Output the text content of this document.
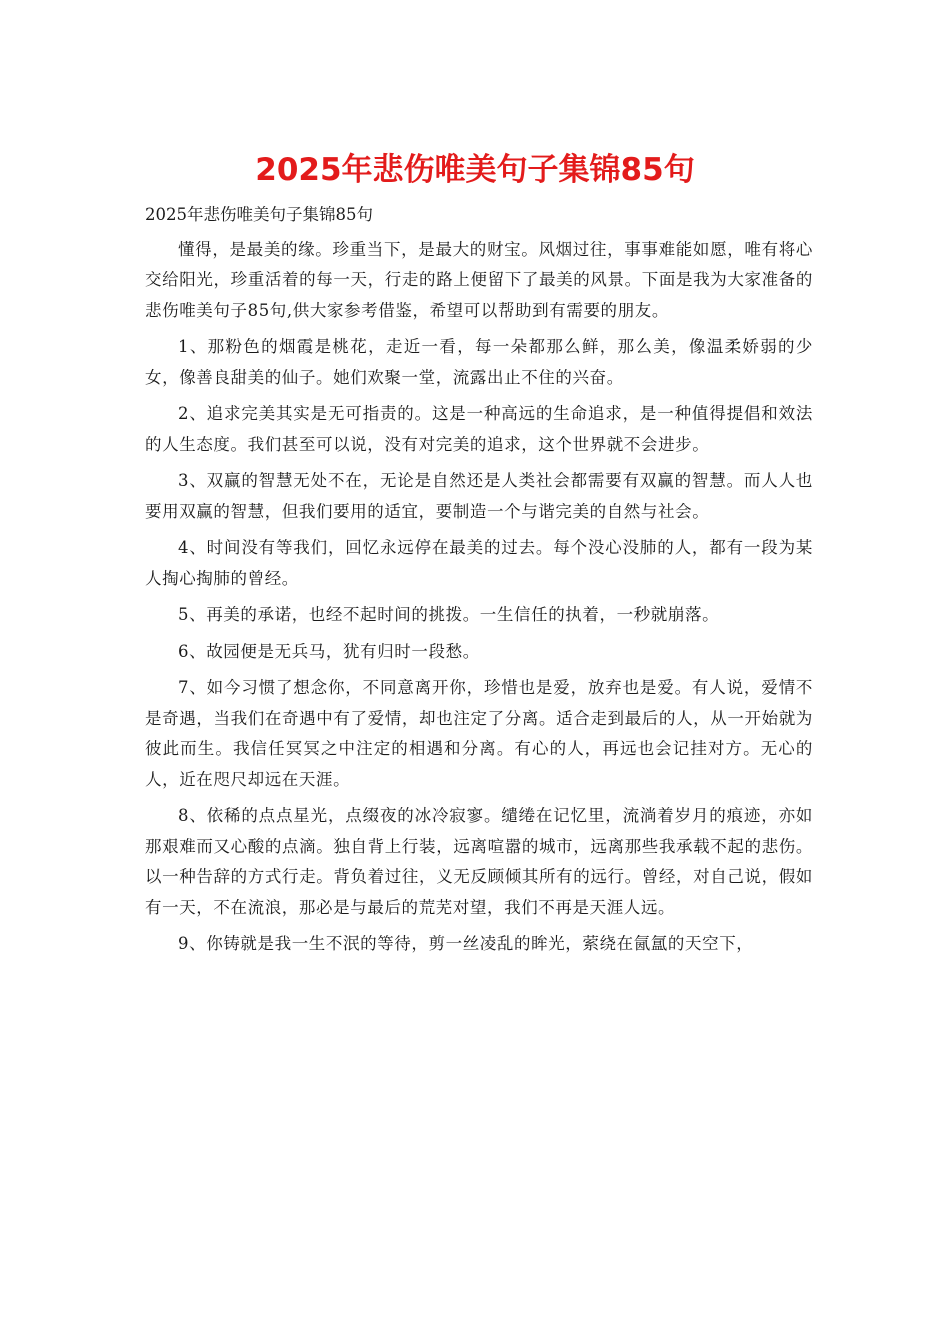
2025年悲伤唯美句子集锦85句

2025年悲伤唯美句子集锦85句

懂得，是最美的缘。珍重当下，是最大的财宝。风烟过往，事事难能如愿，唯有将心交给阳光，珍重活着的每一天，行走的路上便留下了最美的风景。下面是我为大家准备的悲伤唯美句子85句,供大家参考借鉴，希望可以帮助到有需要的朋友。

1、那粉色的烟霞是桃花，走近一看，每一朵都那么鲜，那么美，像温柔娇弱的少女，像善良甜美的仙子。她们欢聚一堂，流露出止不住的兴奋。

2、追求完美其实是无可指责的。这是一种高远的生命追求，是一种值得提倡和效法的人生态度。我们甚至可以说，没有对完美的追求，这个世界就不会进步。

3、双赢的智慧无处不在，无论是自然还是人类社会都需要有双赢的智慧。而人人也要用双赢的智慧，但我们要用的适宜，要制造一个与谐完美的自然与社会。

4、时间没有等我们，回忆永远停在最美的过去。每个没心没肺的人，都有一段为某人掏心掏肺的曾经。

5、再美的承诺，也经不起时间的挑拨。一生信任的执着，一秒就崩落。

6、故园便是无兵马，犹有归时一段愁。

7、如今习惯了想念你，不同意离开你，珍惜也是爱，放弃也是爱。有人说，爱情不是奇遇，当我们在奇遇中有了爱情，却也注定了分离。适合走到最后的人，从一开始就为彼此而生。我信任冥冥之中注定的相遇和分离。有心的人，再远也会记挂对方。无心的人，近在咫尺却远在天涯。

8、依稀的点点星光，点缀夜的冰冷寂寥。缱绻在记忆里，流淌着岁月的痕迹，亦如那艰难而又心酸的点滴。独自背上行装，远离喧嚣的城市，远离那些我承载不起的悲伤。以一种告辞的方式行走。背负着过往，义无反顾倾其所有的远行。曾经，对自己说，假如有一天，不在流浪，那必是与最后的荒芜对望，我们不再是天涯人远。

9、你铸就是我一生不泯的等待，剪一丝凌乱的眸光，萦绕在氤氲的天空下，
